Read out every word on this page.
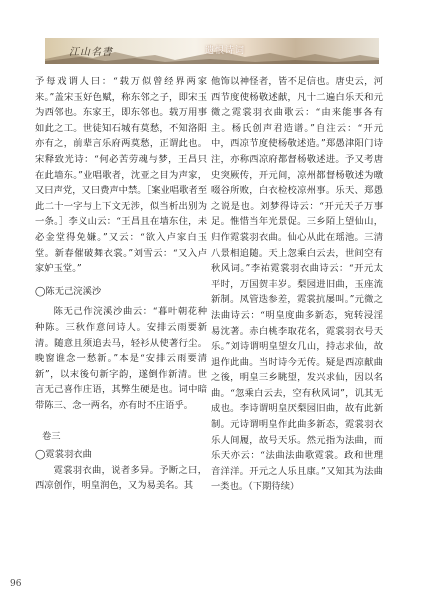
江山名書	遗恨诗词

予每戏谓人曰：“载万似曾经界两家来。”盖宋玉好色赋，称东邻之子，即宋玉为西邻也。东家王，即东邻也。载万用事如此之工。世徒知石城有莫愁，不知洛阳亦有之，前辈言乐府两莫愁，正谓此也。宋释致光诗：“何必苦劳魂与梦，王昌只在此墙东。”业唱歌者，沈亚之目为声家，又曰声党，又曰费声中禁。［案业唱歌者至此二十一字与上下文无涉，似当析出别为一条。］李义山云：“王昌且在墙东住，未必金堂得免嫌。”又云：“欲入卢家白玉堂。新春催破舞衣裳。”刘雪云：“又入卢家妒玉堂。”

◯陈无己浣溪沙

陈无己作浣溪沙曲云：“暮叶朝花种种陈。三秋作意问诗人。安排云雨要新清。随意且须追去马，轻衫从使著行尘。晚窗谁念一愁新。”本是“安排云雨要清新”，以末後句新字韵，遂倒作新清。世言无己喜作庄语，其弊生硬是也。词中暗带陈三、念一两名，亦有时不庄语乎。

卷三

◯霓裳羽衣曲

霓裳羽衣曲，说者多异。予断之曰，西凉创作，明皇润色，又为易美名。其

他饰以神怪者，皆不足信也。唐史云，河西节度使杨敬述献，凡十二遍白乐天和元微之霓裳羽衣曲歌云：“由来能事各有主。杨氏创声君造谱。”自注云：“开元中，西凉节度使杨敬述造。”郑愚津阳门诗注，亦称西凉府都督杨敬述进。予又考唐史突厥传，开元间，凉州都督杨敬述为暾啜谷所败，白衣检校凉州事。乐天、郑愚之说是也。刘梦得诗云：“开元天子万事足。惟惜当年光景促。三乡陌上望仙山，归作霓裳羽衣曲。仙心从此在瑶池。三清八景相追随。天上忽乘白云去，世间空有秋风词。”李祐霓裳羽衣曲诗云：“开元太平时，万国贺丰岁。梨园进旧曲，玉座流新制。凤管迭参差，霓裳抗屡叫。”元微之法曲诗云：“明皇度曲多新态，宛转浸淫易沈著。赤白桃李取花名，霓裳羽衣号天乐。”刘诗谓明皇望女几山，持志求仙，故退作此曲。当时诗今无传。疑是西凉献曲之後，明皇三乡眺望，发兴求仙，因以名曲。“忽乘白云去，空有秋风词”，讥其无成也。李诗谓明皇厌梨园旧曲，故有此新制。元诗谓明皇作此曲多新态，霓裳羽衣乐人间履，故号天乐。然元指为法曲，而乐天亦云：“法曲法曲歌霓裳。政和世理音洋洋。开元之人乐且康。”又知其为法曲一类也。（下期待续）

96
